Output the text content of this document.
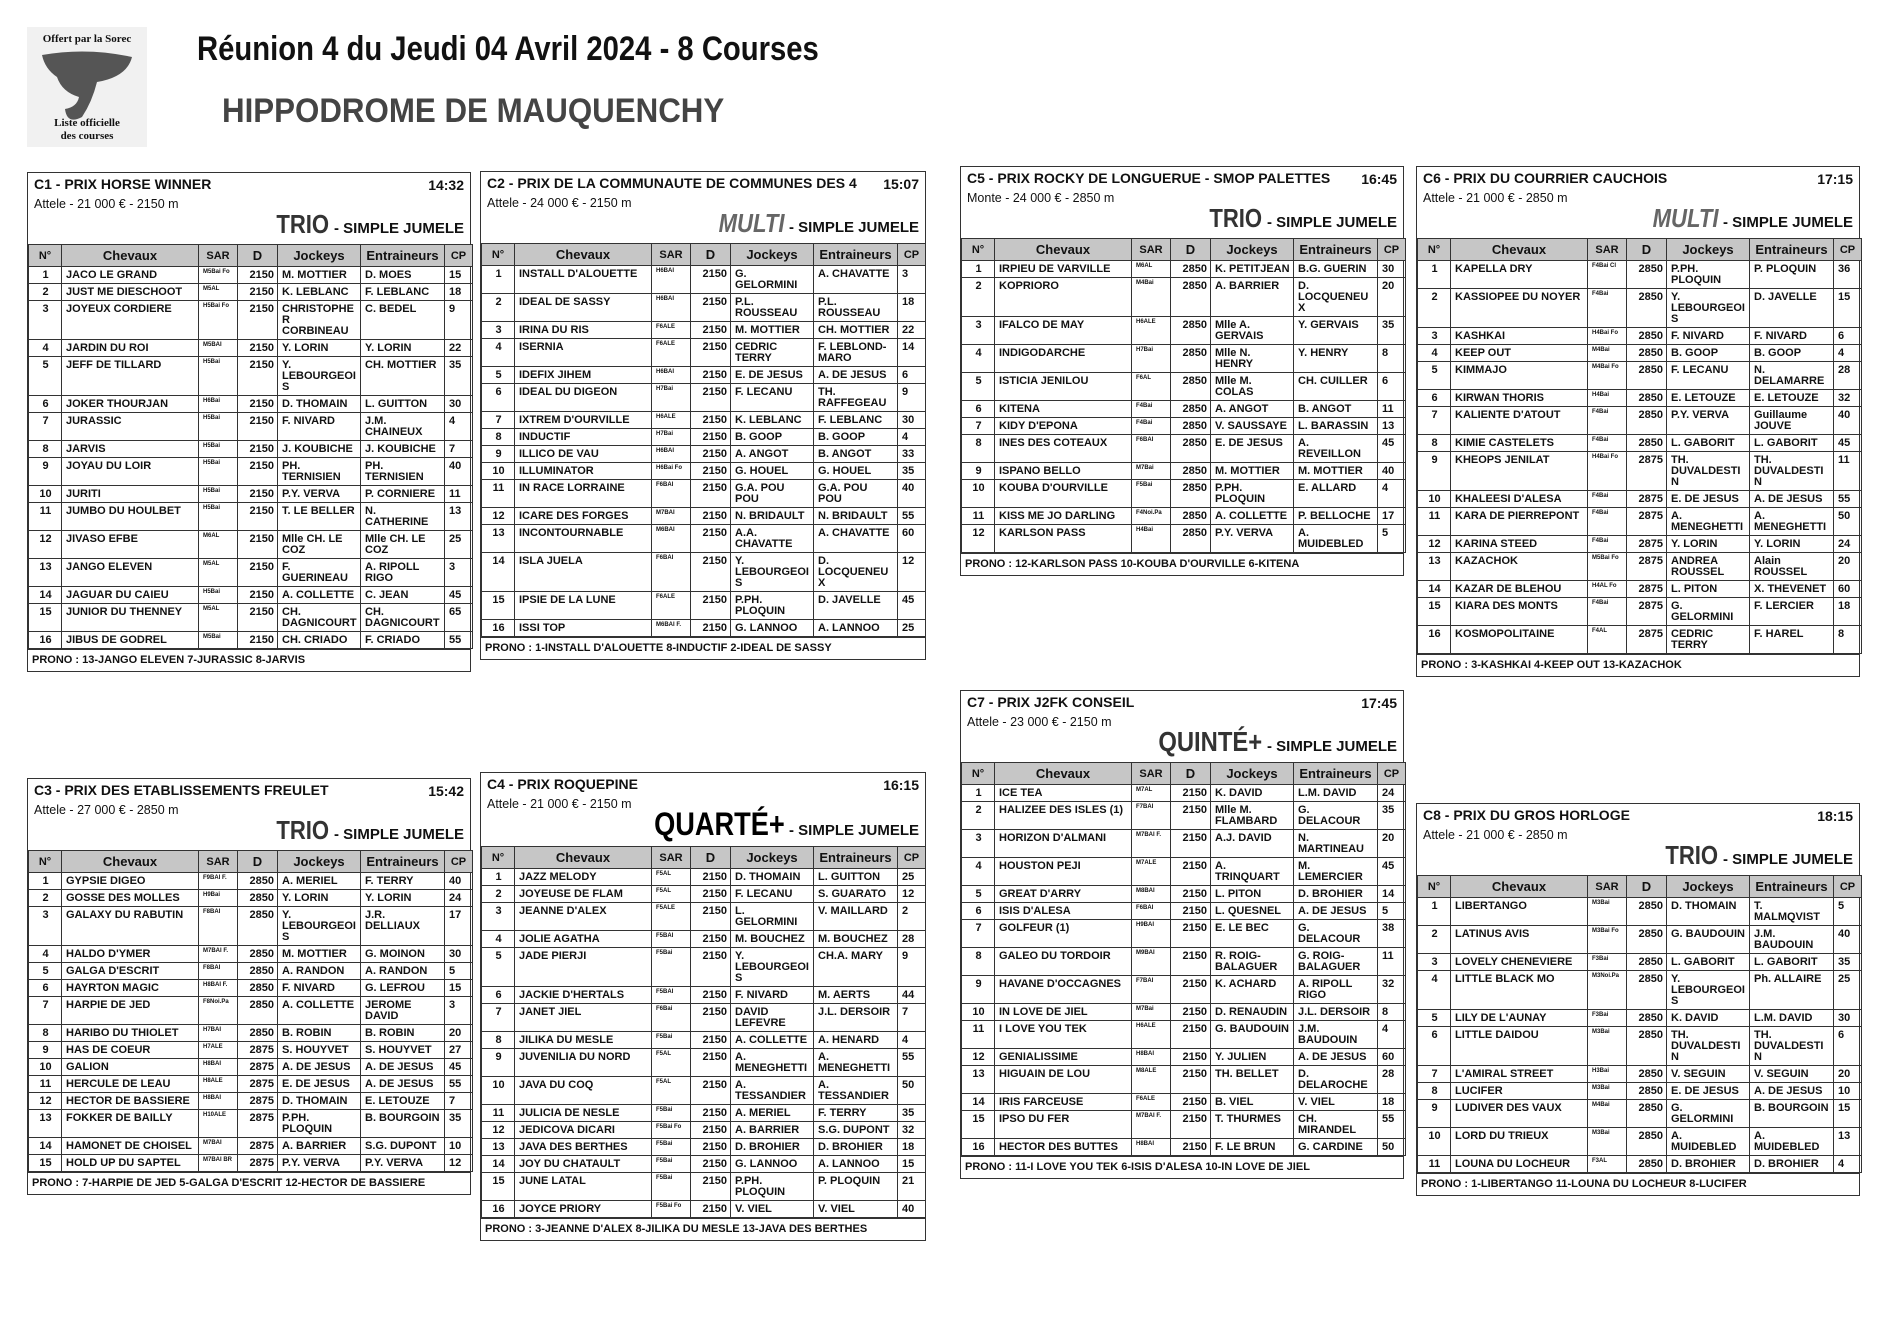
Offert par la Sorec
Liste officielle
des courses
Réunion 4 du Jeudi 04 Avril 2024 - 8 Courses
HIPPODROME DE MAUQUENCHY
C1 - PRIX HORSE WINNER	14:32
Attele - 21 000 € - 2150 m
TRIO - SIMPLE JUMELE
N°	Chevaux	SAR	D	Jockeys	Entraineurs	CP
1	JACO LE GRAND	M5Bai Fo	2150	M. MOTTIER	D. MOES	15
2	JUST ME DIESCHOOT	M5AL	2150	K. LEBLANC	F. LEBLANC	18
3	JOYEUX CORDIERE	H5Bai Fo	2150	CHRISTOPHER CORBINEAU	C. BEDEL	9
4	JARDIN DU ROI	M5BAI	2150	Y. LORIN	Y. LORIN	22
5	JEFF DE TILLARD	H5Bai	2150	Y. LEBOURGEOIS	CH. MOTTIER	35
6	JOKER THOURJAN	H6Bai	2150	D. THOMAIN	L. GUITTON	30
7	JURASSIC	H5Bai	2150	F. NIVARD	J.M. CHAINEUX	4
8	JARVIS	H5Bai	2150	J. KOUBICHE	J. KOUBICHE	7
9	JOYAU DU LOIR	H5Bai	2150	PH. TERNISIEN	PH. TERNISIEN	40
10	JURITI	H5Bai	2150	P.Y. VERVA	P. CORNIERE	11
11	JUMBO DU HOULBET	H5Bai	2150	T. LE BELLER	N. CATHERINE	13
12	JIVASO EFBE	M6AL	2150	Mlle CH. LE COZ	Mlle CH. LE COZ	25
13	JANGO ELEVEN	M5AL	2150	F. GUERINEAU	A. RIPOLL RIGO	3
14	JAGUAR DU CAIEU	H5Bai	2150	A. COLLETTE	C. JEAN	45
15	JUNIOR DU THENNEY	M5AL	2150	CH. DAGNICOURT	CH. DAGNICOURT	65
16	JIBUS DE GODREL	M5Bai	2150	CH. CRIADO	F. CRIADO	55
PRONO : 13-JANGO ELEVEN 7-JURASSIC 8-JARVIS
C2 - PRIX DE LA COMMUNAUTE DE COMMUNES DES 4	15:07
Attele - 24 000 € - 2150 m
MULTI - SIMPLE JUMELE
N°	Chevaux	SAR	D	Jockeys	Entraineurs	CP
1	INSTALL D'ALOUETTE	H6BAI	2150	G. GELORMINI	A. CHAVATTE	3
2	IDEAL DE SASSY	H6BAI	2150	P.L. ROUSSEAU	P.L. ROUSSEAU	18
3	IRINA DU RIS	F6ALE	2150	M. MOTTIER	CH. MOTTIER	22
4	ISERNIA	F6ALE	2150	CEDRIC TERRY	F. LEBLOND-MARO	14
5	IDEFIX JIHEM	H6BAI	2150	E. DE JESUS	A. DE JESUS	6
6	IDEAL DU DIGEON	H7Bai	2150	F. LECANU	TH. RAFFEGEAU	9
7	IXTREM D'OURVILLE	H6ALE	2150	K. LEBLANC	F. LEBLANC	30
8	INDUCTIF	H7Bai	2150	B. GOOP	B. GOOP	4
9	ILLICO DE VAU	H6BAI	2150	A. ANGOT	B. ANGOT	33
10	ILLUMINATOR	H6Bai Fo	2150	G. HOUEL	G. HOUEL	35
11	IN RACE LORRAINE	F6BAI	2150	G.A. POU POU	G.A. POU POU	40
12	ICARE DES FORGES	M7BAI	2150	N. BRIDAULT	N. BRIDAULT	55
13	INCONTOURNABLE	M6BAI	2150	A.A. CHAVATTE	A. CHAVATTE	60
14	ISLA JUELA	F6BAI	2150	Y. LEBOURGEOIS	D. LOCQUENEUX	12
15	IPSIE DE LA LUNE	F6ALE	2150	P.PH. PLOQUIN	D. JAVELLE	45
16	ISSI TOP	M6BAI F.	2150	G. LANNOO	A. LANNOO	25
PRONO : 1-INSTALL D'ALOUETTE 8-INDUCTIF 2-IDEAL DE SASSY
C3 - PRIX DES ETABLISSEMENTS FREULET	15:42
Attele - 27 000 € - 2850 m
TRIO - SIMPLE JUMELE
N°	Chevaux	SAR	D	Jockeys	Entraineurs	CP
1	GYPSIE DIGEO	F9BAI F.	2850	A. MERIEL	F. TERRY	40
2	GOSSE DES MOLLES	H9Bai	2850	Y. LORIN	Y. LORIN	24
3	GALAXY DU RABUTIN	F8BAI	2850	Y. LEBOURGEOIS	J.R. DELLIAUX	17
4	HALDO D'YMER	M7BAI F.	2850	M. MOTTIER	G. MOINON	30
5	GALGA D'ESCRIT	F8BAI	2850	A. RANDON	A. RANDON	5
6	HAYRTON MAGIC	H8BAI F.	2850	F. NIVARD	G. LEFROU	15
7	HARPIE DE JED	F8Noi.Pa	2850	A. COLLETTE	JEROME DAVID	3
8	HARIBO DU THIOLET	H7BAI	2850	B. ROBIN	B. ROBIN	20
9	HAS DE COEUR	H7ALE	2875	S. HOUYVET	S. HOUYVET	27
10	GALION	H8BAI	2875	A. DE JESUS	A. DE JESUS	45
11	HERCULE DE LEAU	H8ALE	2875	E. DE JESUS	A. DE JESUS	55
12	HECTOR DE BASSIERE	H8BAI	2875	D. THOMAIN	E. LETOUZE	7
13	FOKKER DE BAILLY	H10ALE	2875	P.PH. PLOQUIN	B. BOURGOIN	35
14	HAMONET DE CHOISEL	M7BAI	2875	A. BARRIER	S.G. DUPONT	10
15	HOLD UP DU SAPTEL	M7BAI BR	2875	P.Y. VERVA	P.Y. VERVA	12
PRONO : 7-HARPIE DE JED 5-GALGA D'ESCRIT 12-HECTOR DE BASSIERE
C4 - PRIX ROQUEPINE	16:15
Attele - 21 000 € - 2150 m
QUARTÉ+ - SIMPLE JUMELE
N°	Chevaux	SAR	D	Jockeys	Entraineurs	CP
1	JAZZ MELODY	F5AL	2150	D. THOMAIN	L. GUITTON	25
2	JOYEUSE DE FLAM	F5AL	2150	F. LECANU	S. GUARATO	12
3	JEANNE D'ALEX	F5ALE	2150	L. GELORMINI	V. MAILLARD	2
4	JOLIE AGATHA	F5BAI	2150	M. BOUCHEZ	M. BOUCHEZ	28
5	JADE PIERJI	F5Bai	2150	Y. LEBOURGEOIS	CH.A. MARY	9
6	JACKIE D'HERTALS	F5BAI	2150	F. NIVARD	M. AERTS	44
7	JANET JIEL	F6Bai	2150	DAVID LEFEVRE	J.L. DERSOIR	7
8	JILIKA DU MESLE	F5Bai	2150	A. COLLETTE	A. HENARD	4
9	JUVENILIA DU NORD	F5AL	2150	A. MENEGHETTI	A. MENEGHETTI	55
10	JAVA DU COQ	F5AL	2150	A. TESSANDIER	A. TESSANDIER	50
11	JULICIA DE NESLE	F5Bai	2150	A. MERIEL	F. TERRY	35
12	JEDICOVA DICARI	F5Bai Fo	2150	A. BARRIER	S.G. DUPONT	32
13	JAVA DES BERTHES	F5Bai	2150	D. BROHIER	D. BROHIER	18
14	JOY DU CHATAULT	F5Bai	2150	G. LANNOO	A. LANNOO	15
15	JUNE LATAL	F5Bai	2150	P.PH. PLOQUIN	P. PLOQUIN	21
16	JOYCE PRIORY	F5Bai Fo	2150	V. VIEL	V. VIEL	40
PRONO : 3-JEANNE D'ALEX 8-JILIKA DU MESLE 13-JAVA DES BERTHES
C5 - PRIX ROCKY DE LONGUERUE - SMOP PALETTES	16:45
Monte - 24 000 € - 2850 m
TRIO - SIMPLE JUMELE
N°	Chevaux	SAR	D	Jockeys	Entraineurs	CP
1	IRPIEU DE VARVILLE	M6AL	2850	K. PETITJEAN	B.G. GUERIN	30
2	KOPRIORO	M4Bai	2850	A. BARRIER	D. LOCQUENEUX	20
3	IFALCO DE MAY	H6ALE	2850	Mlle A. GERVAIS	Y. GERVAIS	35
4	INDIGODARCHE	H7Bai	2850	Mlle N. HENRY	Y. HENRY	8
5	ISTICIA JENILOU	F6AL	2850	Mlle M. COLAS	CH. CUILLER	6
6	KITENA	F4Bai	2850	A. ANGOT	B. ANGOT	11
7	KIDY D'EPONA	F4Bai	2850	V. SAUSSAYE	L. BARASSIN	13
8	INES DES COTEAUX	F6BAI	2850	E. DE JESUS	A. REVEILLON	45
9	ISPANO BELLO	M7Bai	2850	M. MOTTIER	M. MOTTIER	40
10	KOUBA D'OURVILLE	F5Bai	2850	P.PH. PLOQUIN	E. ALLARD	4
11	KISS ME JO DARLING	F4Noi.Pa	2850	A. COLLETTE	P. BELLOCHE	17
12	KARLSON PASS	H4Bai	2850	P.Y. VERVA	A. MUIDEBLED	5
PRONO : 12-KARLSON PASS 10-KOUBA D'OURVILLE 6-KITENA
C6 - PRIX DU COURRIER CAUCHOIS	17:15
Attele - 21 000 € - 2850 m
MULTI - SIMPLE JUMELE
N°	Chevaux	SAR	D	Jockeys	Entraineurs	CP
1	KAPELLA DRY	F4Bai Cl	2850	P.PH. PLOQUIN	P. PLOQUIN	36
2	KASSIOPEE DU NOYER	F4Bai	2850	Y. LEBOURGEOIS	D. JAVELLE	15
3	KASHKAI	H4Bai Fo	2850	F. NIVARD	F. NIVARD	6
4	KEEP OUT	M4Bai	2850	B. GOOP	B. GOOP	4
5	KIMMAJO	M4Bai Fo	2850	F. LECANU	N. DELAMARRE	28
6	KIRWAN THORIS	H4Bai	2850	E. LETOUZE	E. LETOUZE	32
7	KALIENTE D'ATOUT	F4Bai	2850	P.Y. VERVA	Guillaume JOUVE	40
8	KIMIE CASTELETS	F4Bai	2850	L. GABORIT	L. GABORIT	45
9	KHEOPS JENILAT	H4Bai Fo	2875	TH. DUVALDESTIN	TH. DUVALDESTIN	11
10	KHALEESI D'ALESA	F4Bai	2875	E. DE JESUS	A. DE JESUS	55
11	KARA DE PIERREPONT	F4Bai	2875	A. MENEGHETTI	A. MENEGHETTI	50
12	KARINA STEED	F4Bai	2875	Y. LORIN	Y. LORIN	24
13	KAZACHOK	M5Bai Fo	2875	ANDREA ROUSSEL	Alain ROUSSEL	20
14	KAZAR DE BLEHOU	H4AL Fo	2875	L. PITON	X. THEVENET	60
15	KIARA DES MONTS	F4Bai	2875	G. GELORMINI	F. LERCIER	18
16	KOSMOPOLITAINE	F4AL	2875	CEDRIC TERRY	F. HAREL	8
PRONO : 3-KASHKAI 4-KEEP OUT 13-KAZACHOK
C7 - PRIX J2FK CONSEIL	17:45
Attele - 23 000 € - 2150 m
QUINTÉ+ - SIMPLE JUMELE
N°	Chevaux	SAR	D	Jockeys	Entraineurs	CP
1	ICE TEA	M7AL	2150	K. DAVID	L.M. DAVID	24
2	HALIZEE DES ISLES (1)	F7BAI	2150	Mlle M. FLAMBARD	G. DELACOUR	35
3	HORIZON D'ALMANI	M7BAI F.	2150	A.J. DAVID	N. MARTINEAU	20
4	HOUSTON PEJI	M7ALE	2150	A. TRINQUART	M. LEMERCIER	45
5	GREAT D'ARRY	M8BAI	2150	L. PITON	D. BROHIER	14
6	ISIS D'ALESA	F6BAI	2150	L. QUESNEL	A. DE JESUS	5
7	GOLFEUR (1)	H9BAI	2150	E. LE BEC	G. DELACOUR	38
8	GALEO DU TORDOIR	M9BAI	2150	R. ROIG-BALAGUER	G. ROIG-BALAGUER	11
9	HAVANE D'OCCAGNES	F7BAI	2150	K. ACHARD	A. RIPOLL RIGO	32
10	IN LOVE DE JIEL	M7Bai	2150	D. RENAUDIN	J.L. DERSOIR	8
11	I LOVE YOU TEK	H6ALE	2150	G. BAUDOUIN	J.M. BAUDOUIN	4
12	GENIALISSIME	H8BAI	2150	Y. JULIEN	A. DE JESUS	60
13	HIGUAIN DE LOU	M8ALE	2150	TH. BELLET	D. DELAROCHE	28
14	IRIS FARCEUSE	F6ALE	2150	B. VIEL	V. VIEL	18
15	IPSO DU FER	M7BAI F.	2150	T. THURMES	CH. MIRANDEL	55
16	HECTOR DES BUTTES	H8BAI	2150	F. LE BRUN	G. CARDINE	50
PRONO : 11-I LOVE YOU TEK 6-ISIS D'ALESA 10-IN LOVE DE JIEL
C8 - PRIX DU GROS HORLOGE	18:15
Attele - 21 000 € - 2850 m
TRIO - SIMPLE JUMELE
N°	Chevaux	SAR	D	Jockeys	Entraineurs	CP
1	LIBERTANGO	M3Bai	2850	D. THOMAIN	T. MALMQVIST	5
2	LATINUS AVIS	M3Bai Fo	2850	G. BAUDOUIN	J.M. BAUDOUIN	40
3	LOVELY CHENEVIERE	F3Bai	2850	L. GABORIT	L. GABORIT	35
4	LITTLE BLACK MO	M3Noi.Pa	2850	Y. LEBOURGEOIS	Ph. ALLAIRE	25
5	LILY DE L'AUNAY	F3Bai	2850	K. DAVID	L.M. DAVID	30
6	LITTLE DAIDOU	M3Bai	2850	TH. DUVALDESTIN	TH. DUVALDESTIN	6
7	L'AMIRAL STREET	H3Bai	2850	V. SEGUIN	V. SEGUIN	20
8	LUCIFER	M3Bai	2850	E. DE JESUS	A. DE JESUS	10
9	LUDIVER DES VAUX	M4Bai	2850	G. GELORMINI	B. BOURGOIN	15
10	LORD DU TRIEUX	M3Bai	2850	A. MUIDEBLED	A. MUIDEBLED	13
11	LOUNA DU LOCHEUR	F3AL	2850	D. BROHIER	D. BROHIER	4
PRONO : 1-LIBERTANGO 11-LOUNA DU LOCHEUR 8-LUCIFER
